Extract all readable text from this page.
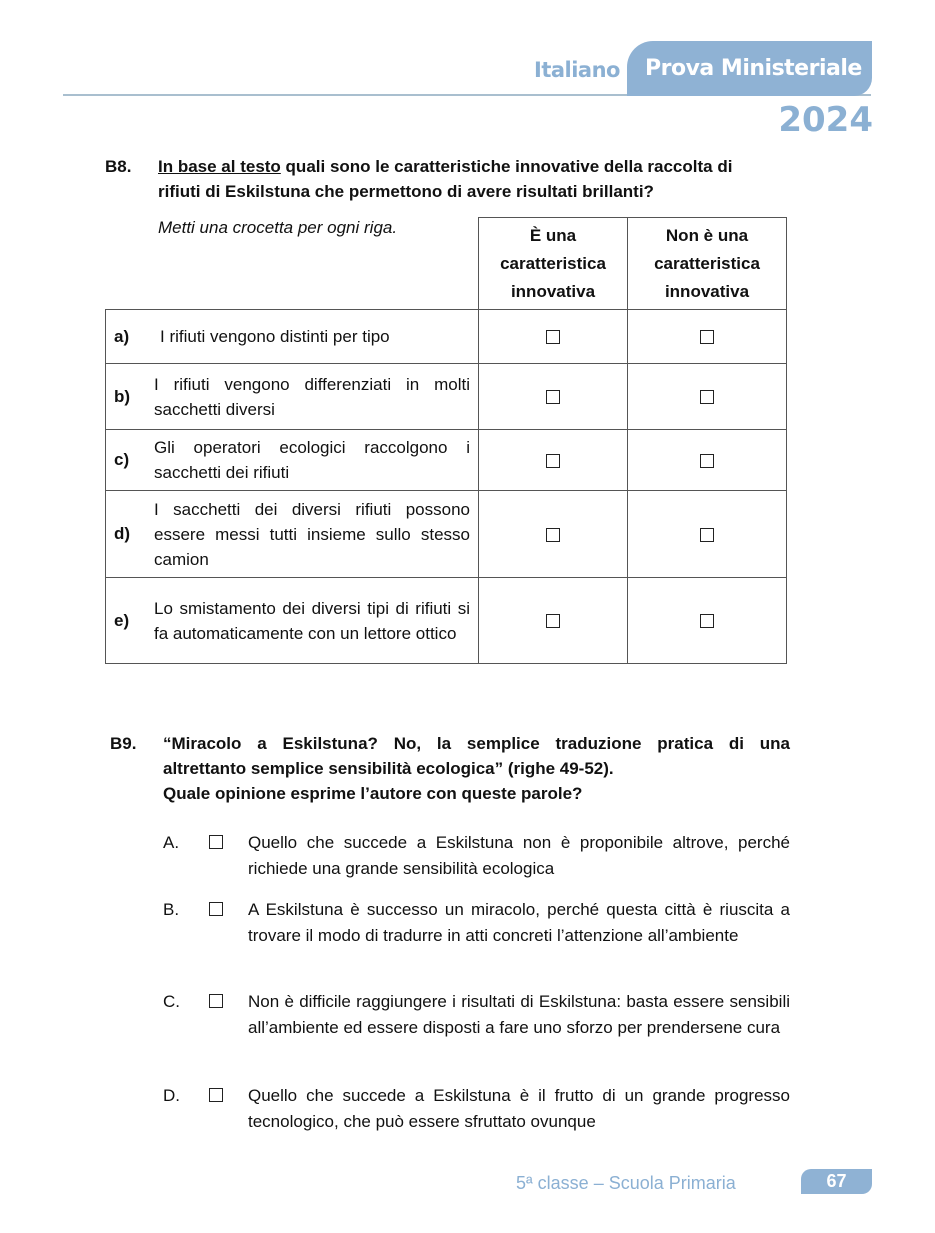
Italiano Prova Ministeriale
2024
B8. In base al testo quali sono le caratteristiche innovative della raccolta di
rifiuti di Eskilstuna che permettono di avere risultati brillanti?
Metti una crocetta per ogni riga.
		È una
caratteristica
innovativa

Non è una
caratteristica
innovativa

a)	I rifiuti vengono distinti per tipo		
b)	I rifiuti vengono differenziati in molti sacchetti diversi		
c)	Gli operatori ecologici raccolgono i sacchetti dei rifiuti		
d)	I sacchetti dei diversi rifiuti possono essere messi tutti insieme sullo stesso camion		
e)	Lo smistamento dei diversi tipi di rifiuti si fa automaticamente con un lettore ottico		
B9. “Miracolo a Eskilstuna? No, la semplice traduzione pratica di una
altrettanto semplice sensibilità ecologica” (righe 49-52).
Quale opinione esprime l’autore con queste parole?
A.	Quello che succede a Eskilstuna non è proponibile altrove, perché richiede una grande sensibilità ecologica
B.	A Eskilstuna è successo un miracolo, perché questa città è riuscita a trovare il modo di tradurre in atti concreti l’attenzione all’ambiente
C.	Non è difficile raggiungere i risultati di Eskilstuna: basta essere sensibili all’ambiente ed essere disposti a fare uno sforzo per prendersene cura
D.	Quello che succede a Eskilstuna è il frutto di un grande progresso tecnologico, che può essere sfruttato ovunque
5ª classe – Scuola Primaria	67
